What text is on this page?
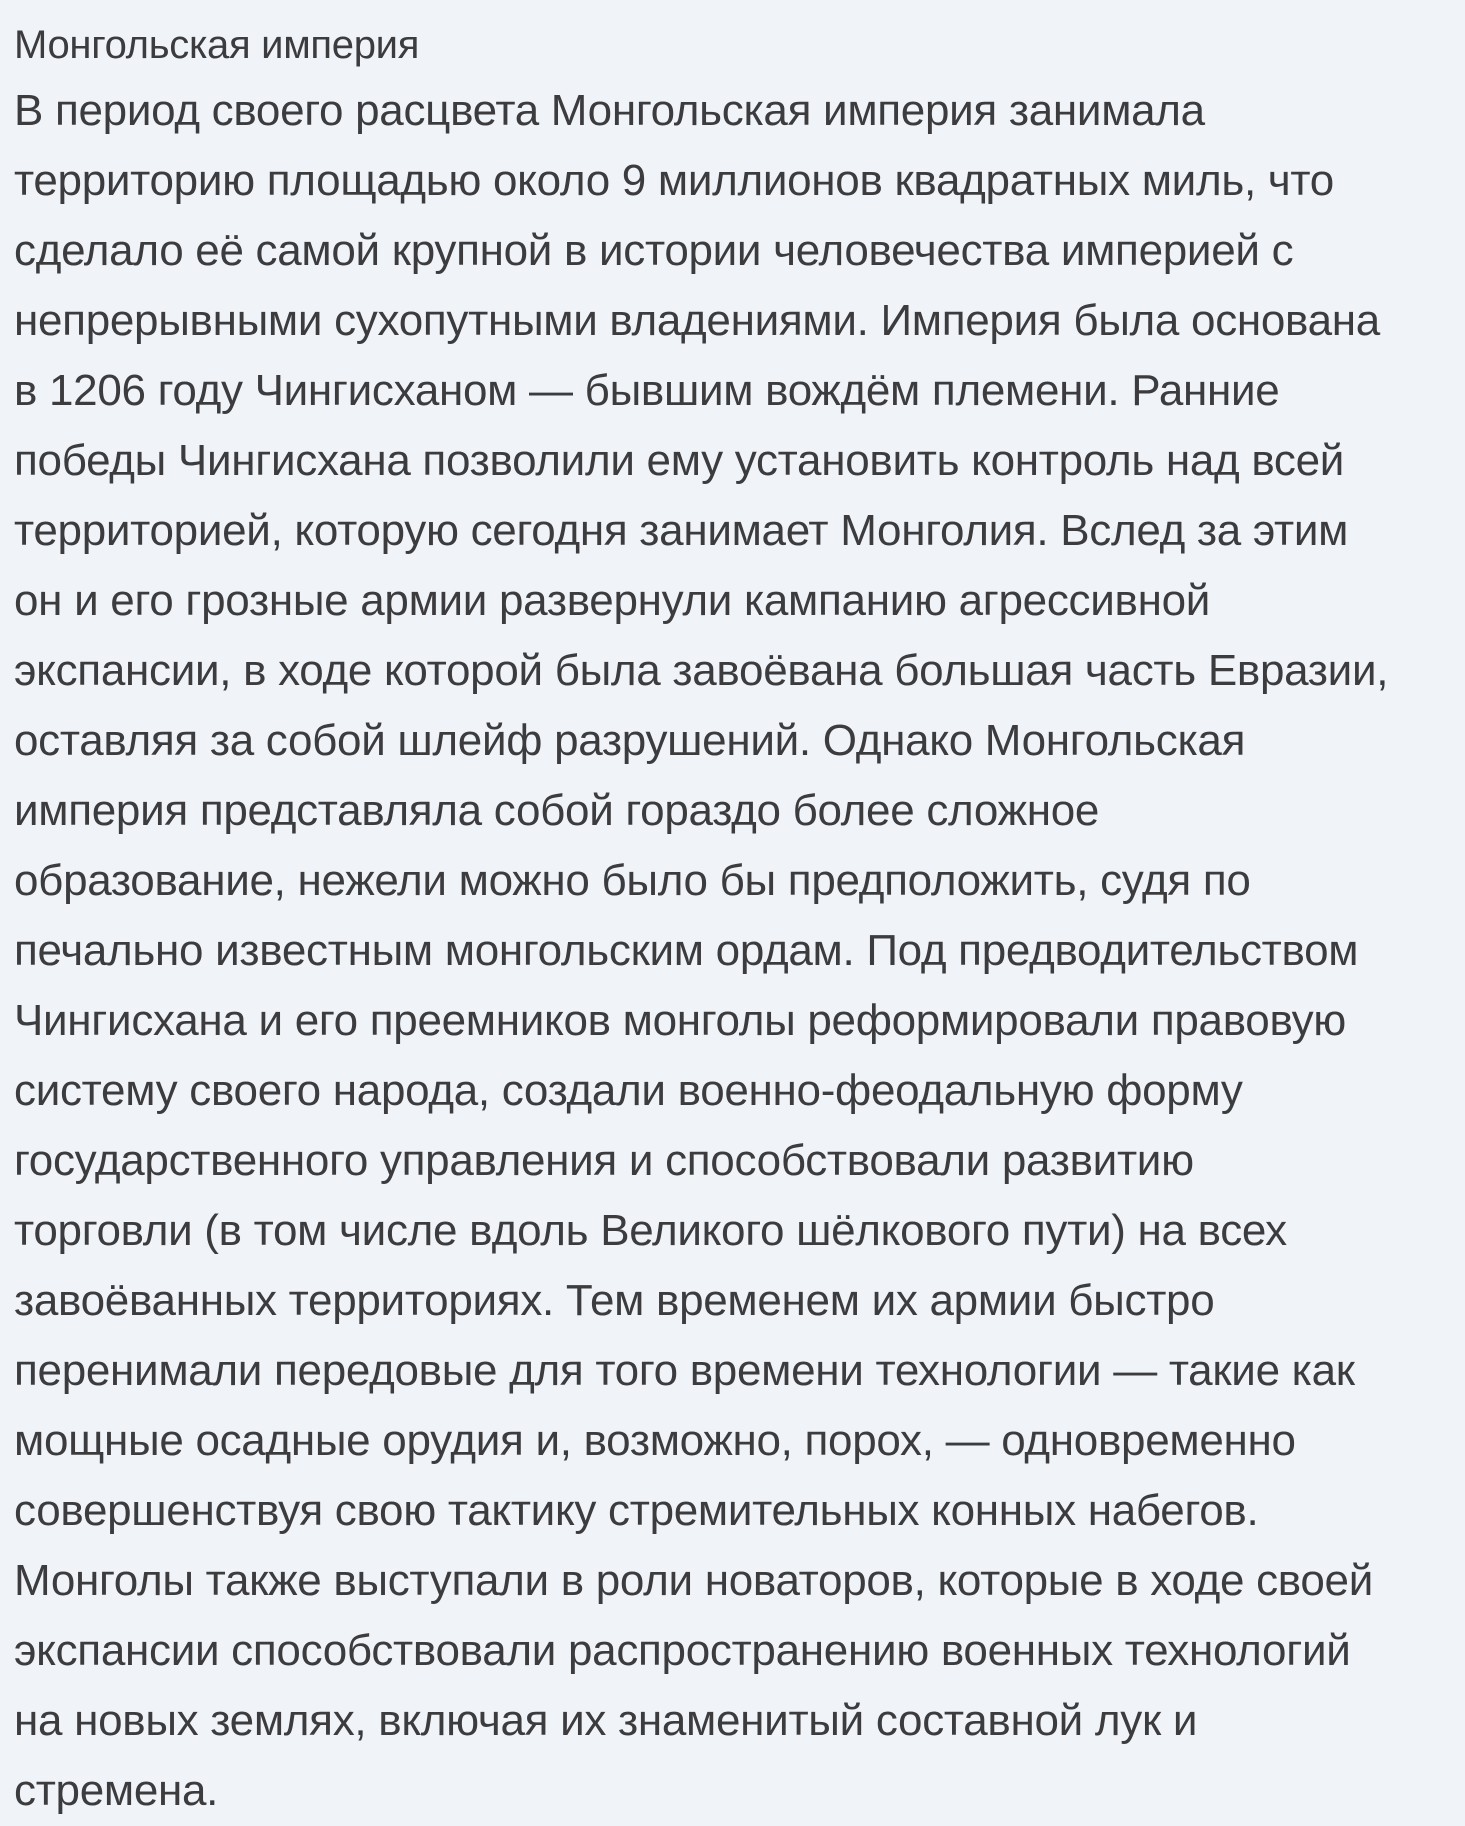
Монгольская империя

В период своего расцвета Монгольская империя занимала
территорию площадью около 9 миллионов квадратных миль, что
сделало её самой крупной в истории человечества империей с
непрерывными сухопутными владениями. Империя была основана
в 1206 году Чингисханом — бывшим вождём племени. Ранние
победы Чингисхана позволили ему установить контроль над всей
территорией, которую сегодня занимает Монголия. Вслед за этим
он и его грозные армии развернули кампанию агрессивной
экспансии, в ходе которой была завоёвана большая часть Евразии,
оставляя за собой шлейф разрушений. Однако Монгольская
империя представляла собой гораздо более сложное
образование, нежели можно было бы предположить, судя по
печально известным монгольским ордам. Под предводительством
Чингисхана и его преемников монголы реформировали правовую
систему своего народа, создали военно-феодальную форму
государственного управления и способствовали развитию
торговли (в том числе вдоль Великого шёлкового пути) на всех
завоёванных территориях. Тем временем их армии быстро
перенимали передовые для того времени технологии — такие как
мощные осадные орудия и, возможно, порох, — одновременно
совершенствуя свою тактику стремительных конных набегов.
Монголы также выступали в роли новаторов, которые в ходе своей
экспансии способствовали распространению военных технологий
на новых землях, включая их знаменитый составной лук и
стремена.
